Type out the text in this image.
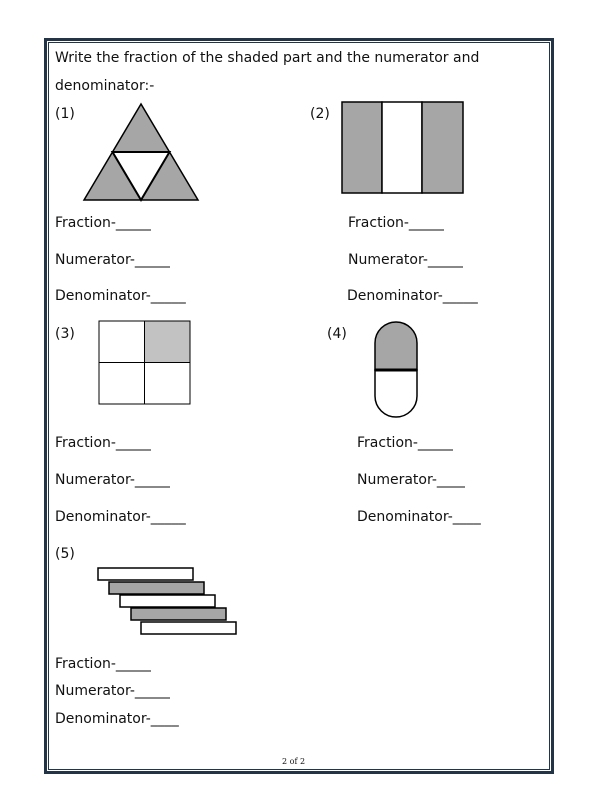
Write the fraction of the shaded part and the numerator and
denominator:-
(1)
Fraction-_____
Numerator-_____
Denominator-_____
(2)
Fraction-_____
Numerator-_____
Denominator-_____
(3)
Fraction-_____
Numerator-_____
Denominator-_____
(4)
Fraction-_____
Numerator-____
Denominator-____
(5)
Fraction-_____
Numerator-_____
Denominator-____
2 of 2
